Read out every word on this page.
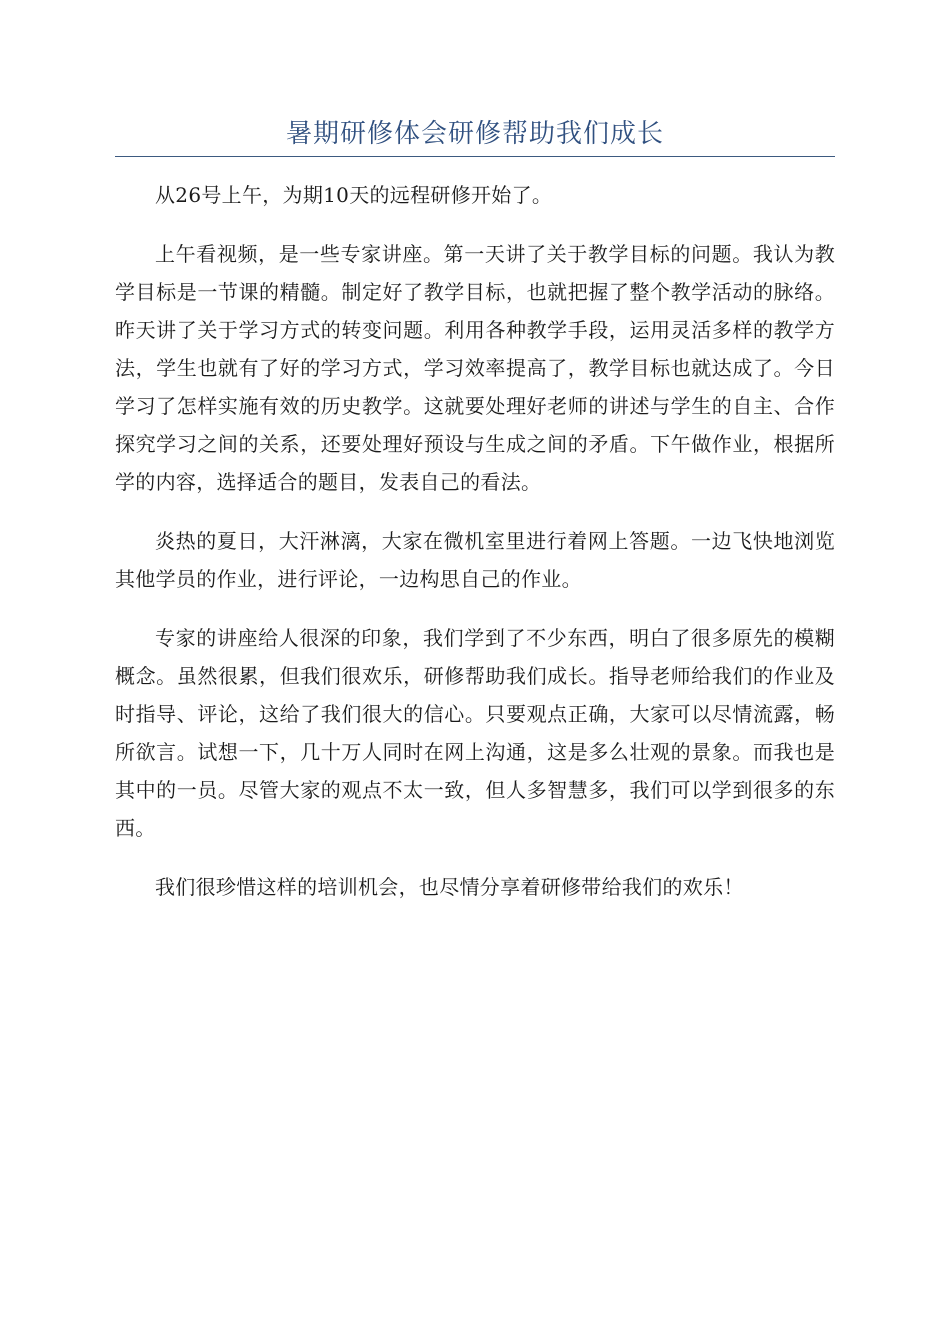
暑期研修体会研修帮助我们成长

从26号上午，为期10天的远程研修开始了。

上午看视频，是一些专家讲座。第一天讲了关于教学目标的问题。我认为教学目标是一节课的精髓。制定好了教学目标，也就把握了整个教学活动的脉络。昨天讲了关于学习方式的转变问题。利用各种教学手段，运用灵活多样的教学方法，学生也就有了好的学习方式，学习效率提高了，教学目标也就达成了。今日学习了怎样实施有效的历史教学。这就要处理好老师的讲述与学生的自主、合作探究学习之间的关系，还要处理好预设与生成之间的矛盾。下午做作业，根据所学的内容，选择适合的题目，发表自己的看法。

炎热的夏日，大汗淋漓，大家在微机室里进行着网上答题。一边飞快地浏览其他学员的作业，进行评论，一边构思自己的作业。

专家的讲座给人很深的印象，我们学到了不少东西，明白了很多原先的模糊概念。虽然很累，但我们很欢乐，研修帮助我们成长。指导老师给我们的作业及时指导、评论，这给了我们很大的信心。只要观点正确，大家可以尽情流露，畅所欲言。试想一下，几十万人同时在网上沟通，这是多么壮观的景象。而我也是其中的一员。尽管大家的观点不太一致，但人多智慧多，我们可以学到很多的东西。

我们很珍惜这样的培训机会，也尽情分享着研修带给我们的欢乐！
